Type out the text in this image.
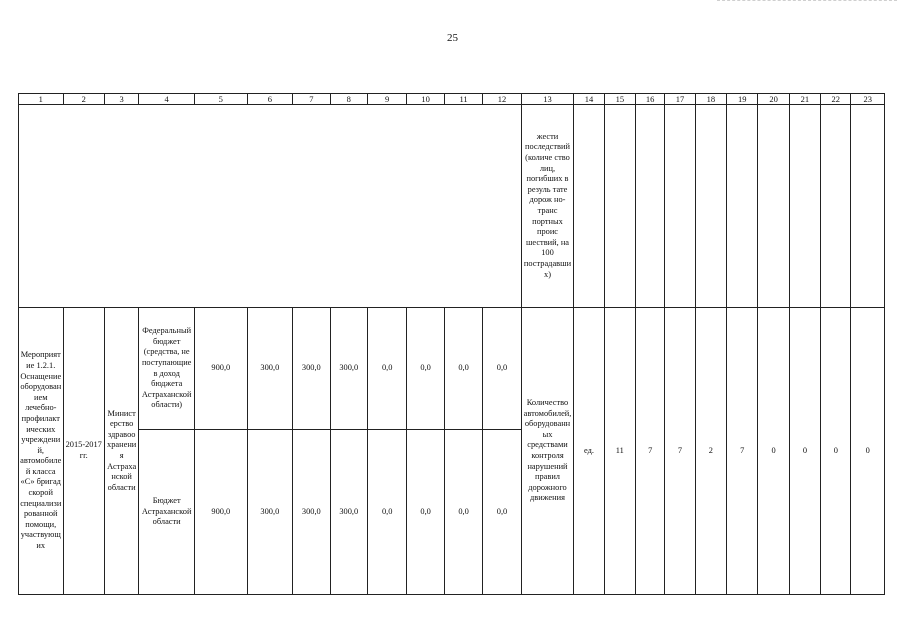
25
1	2	3	4	5	6	7	8	9	10	11	12	13	14	15	16	17	18	19	20	21	22	23
												жести последствий (количе ство лиц, погибших в резуль тате дорож но- транс портных проис шествий, на 100 пострадавших)										
Мероприятие 1.2.1. Оснащение оборудованием лечебно-профилактических учреждений, автомобилей класса «С» бригад скорой специализированной помощи, участвующих	2015-2017 гг.	Министерство здравоохранения Астраханской области	Федеральный бюджет (средства, не поступающие в доход бюджета Астраханской области)	900,0	300,0	300,0	300,0	0,0	0,0	0,0	0,0	Количество автомобилей, оборудованных средствами контроля нарушений правил дорожного движения	ед.	11	7	7	2	7	0	0	0	0
			Бюджет Астраханской области	900,0	300,0	300,0	300,0	0,0	0,0	0,0	0,0											
